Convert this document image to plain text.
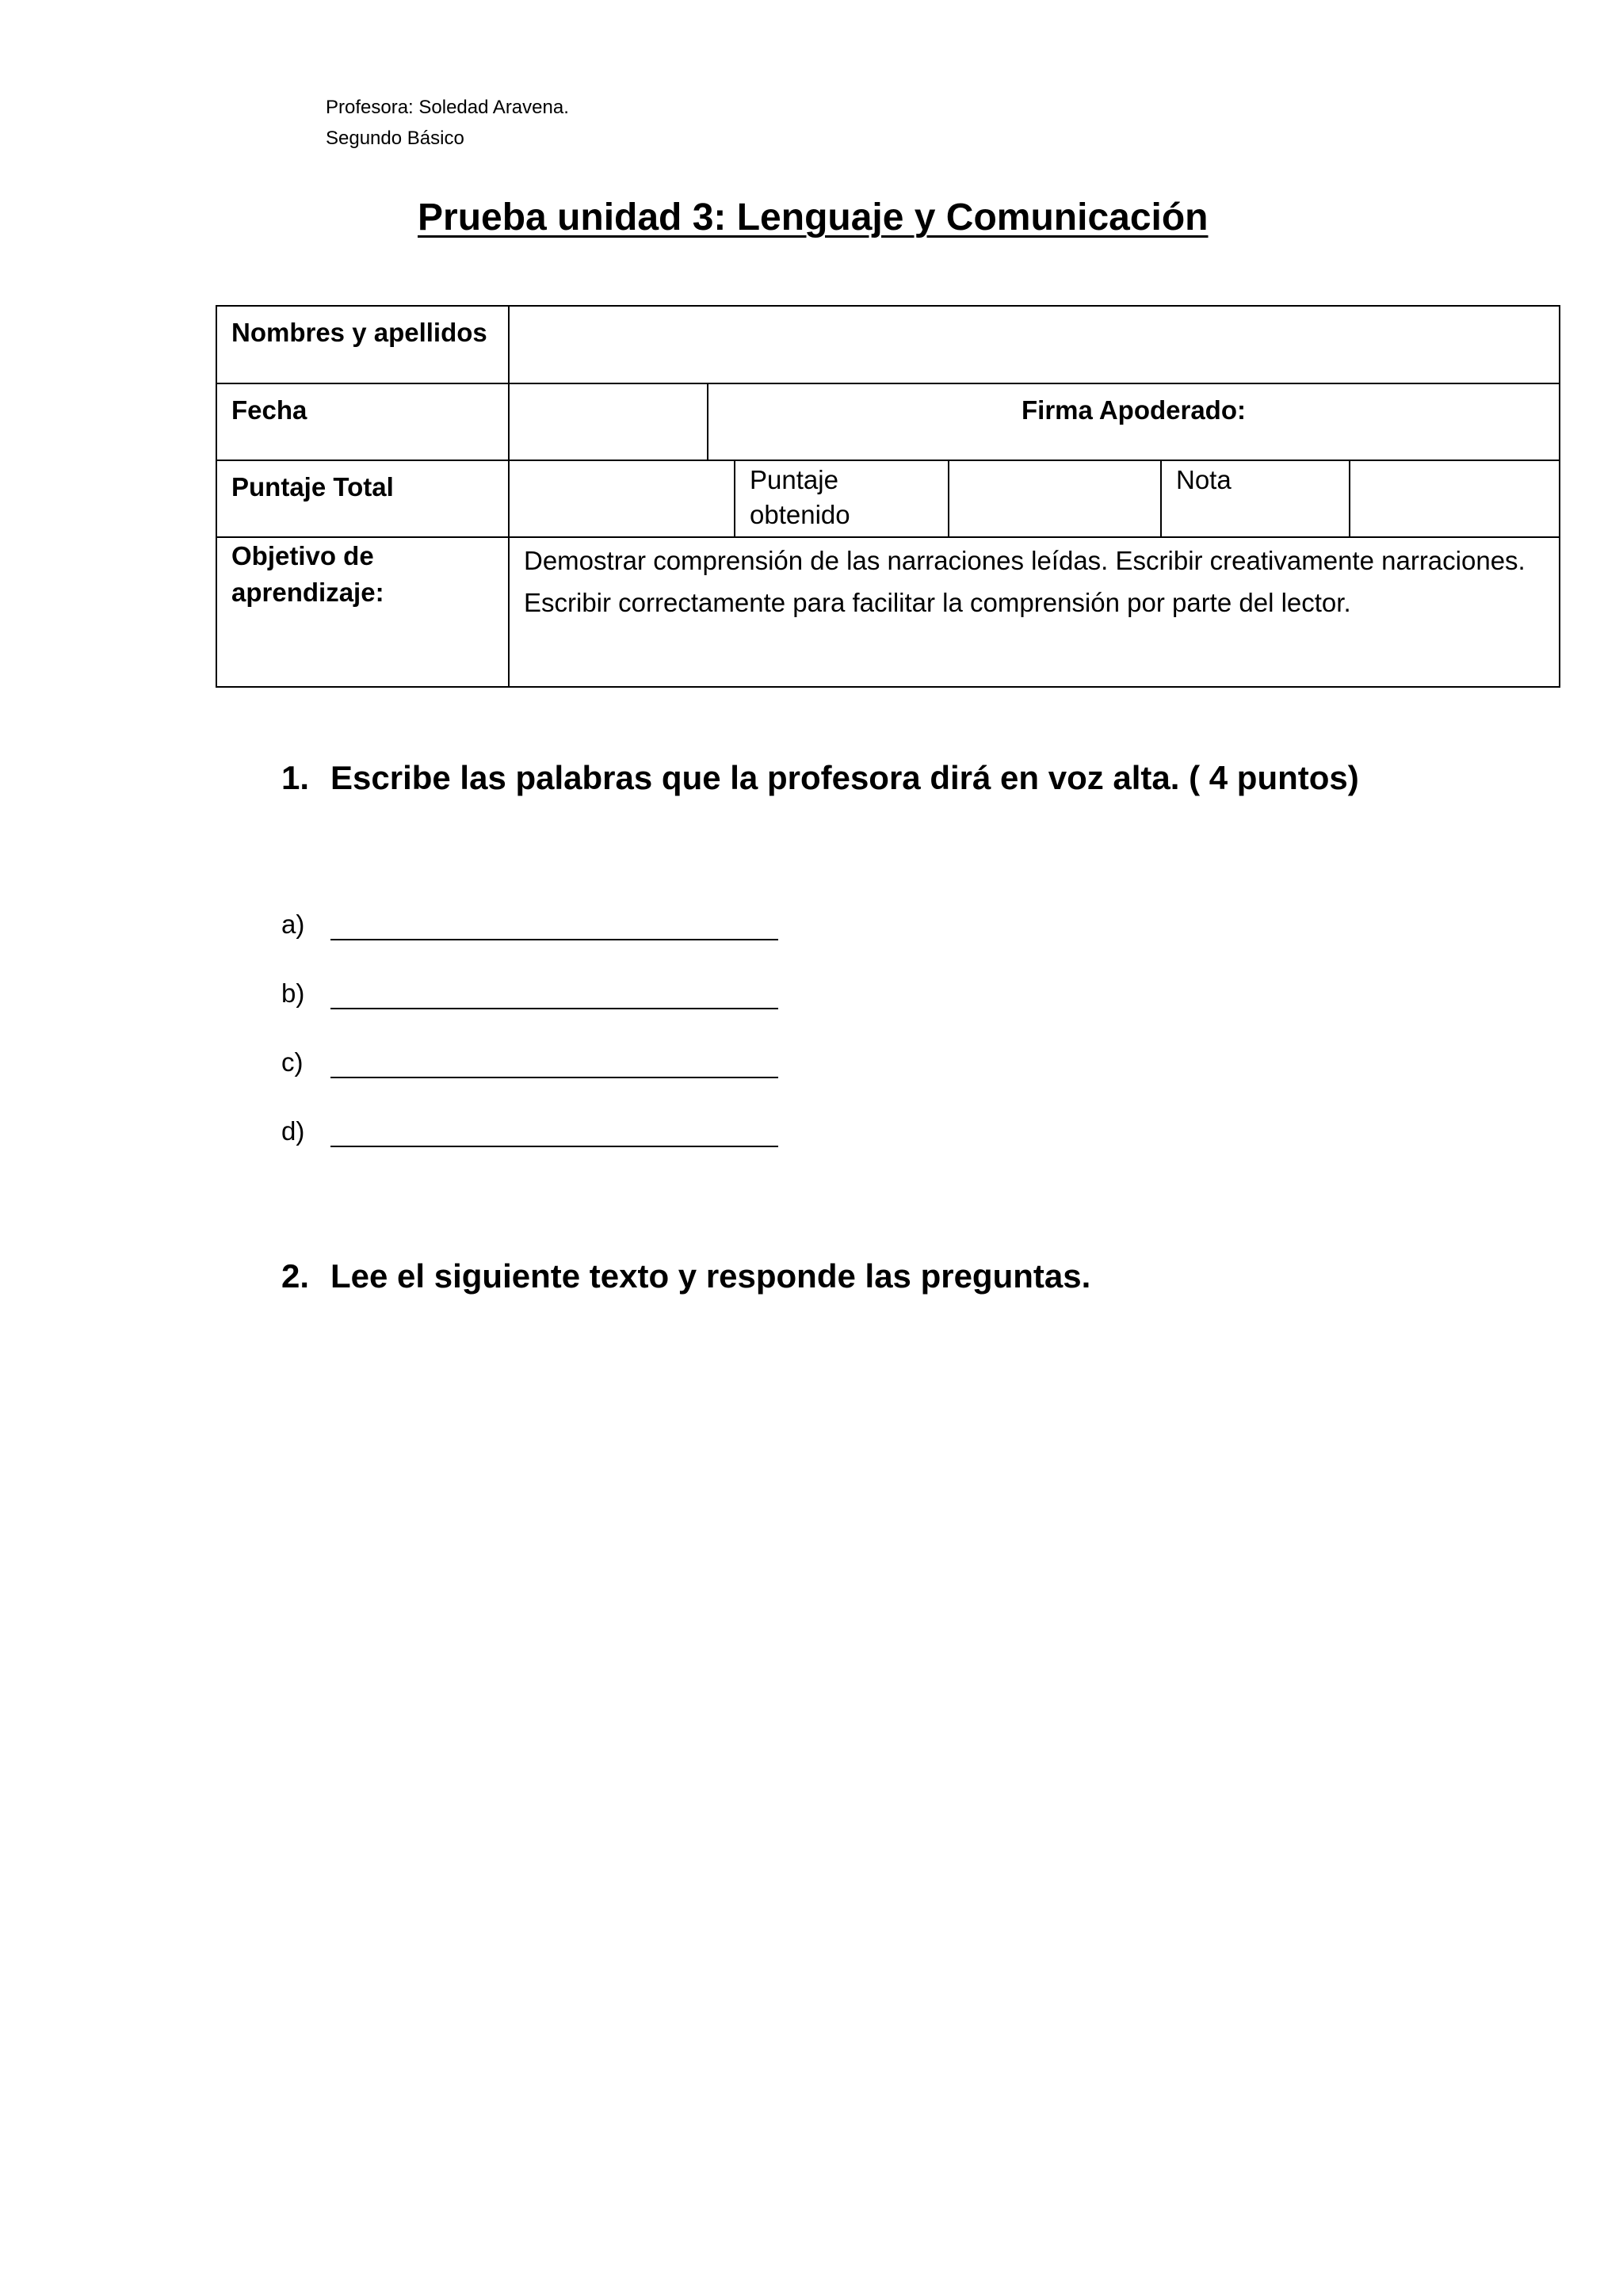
Profesora: Soledad Aravena.
Segundo Básico
Prueba unidad 3: Lenguaje y Comunicación
Nombres y apellidos
Fecha	Firma Apoderado:
Puntaje Total	Puntaje obtenido
Nota
Objetivo de aprendizaje:
Demostrar comprensión de las narraciones leídas. Escribir creativamente narraciones. Escribir correctamente para facilitar la comprensión por parte del lector.
1. Escribe las palabras que la profesora dirá en voz alta. ( 4 puntos)
a)
b)
c)
d)
2. Lee el siguiente texto y responde las preguntas.
